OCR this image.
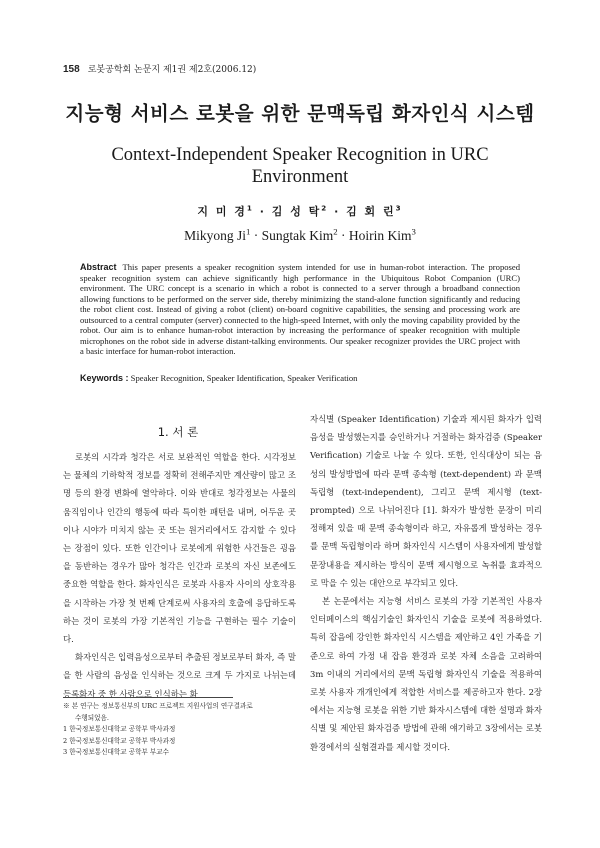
158 로봇공학회 논문지 제1권 제2호(2006.12)
지능형 서비스 로봇을 위한 문맥독립 화자인식 시스템
Context-Independent Speaker Recognition in URC Environment
지 미 경$^1$ · 김 성 탁$^2$ · 김 회 린$^3$
Mikyong $Ji^1$ · Sungtak Kim$^2$ · Hoirin Kim$^3$
Abstract This paper presents a speaker recognition system intended for use in human-robot interaction. The proposed speaker recognition system can achieve significantly high performance in the Ubiquitous Robot Companion (URC) environment. The URC concept is a scenario in which a robot is connected to a server through a broadband connection allowing functions to be performed on the server side, thereby minimizing the stand-alone function significantly and reducing the robot client cost. Instead of giving a robot (client) on-board cognitive capabilities, the sensing and processing work are outsourced to a central computer (server) connected to the high-speed Internet, with only the moving capability provided by the robot. Our aim is to enhance human-robot interaction by increasing the performance of speaker recognition with multiple microphones on the robot side in adverse distant-talking environments. Our speaker recognizer provides the URC project with a basic interface for human-robot interaction.
Keywords : Speaker Recognition, Speaker Identification, Speaker Verification
1. 서 론

로봇의 시각과 청각은 서로 보완적인 역할을 한다. 시각정보는 물체의 기하학적 정보를 정확히 전해주지만 계산량이 많고 조명 등의 환경 변화에 열악하다. 이와 반대로 청각정보는 사물의 움직임이나 인간의 행동에 따라 특이한 패턴을 내며, 어두운 곳이나 시야가 미치지 않는 곳 또는 원거리에서도 감지할 수 있다는 장점이 있다. 또한 인간이나 로봇에게 위험한 사건들은 굉음을 동반하는 경우가 많아 청각은 인간과 로봇의 자신 보존에도 중요한 역할을 한다. 화자인식은 로봇과 사용자 사이의 상호작용을 시작하는 가장 첫 번째 단계로써 사용자의 호출에 응답하도록 하는 것이 로봇의 가장 기본적인 기능을 구현하는 필수 기술이다.

화자인식은 입력음성으로부터 추출된 정보로부터 화자, 즉 말을 한 사람의 음성을 인식하는 것으로 크게 두 가지로 나뉘는데 등록화자 중 한 사람으로 인식하는 화

※ 본 연구는 정보통신부의 URC 프로젝트 지원사업의 연구결과로
수행되었음.
1 한국정보통신대학교 공학부 박사과정
2 한국정보통신대학교 공학부 박사과정
3 한국정보통신대학교 공학부 부교수

자식별 (Speaker Identification) 기술과 제시된 화자가 입력음성을 발성했는지를 승인하거나 거절하는 화자검증 (Speaker Verification) 기술로 나눌 수 있다. 또한, 인식대상이 되는 음성의 발성방법에 따라 문맥 종속형 (text-dependent) 과 문맥 독립형 (text-independent), 그리고 문맥 제시형 (text-prompted) 으로 나뉘어진다 [1]. 화자가 발성한 문장이 미리 정해져 있을 때 문맥 종속형이라 하고, 자유롭게 발성하는 경우를 문맥 독립형이라 하며 화자인식 시스템이 사용자에게 발성할 문장내용을 제시하는 방식이 문맥 제시형으로 녹취를 효과적으로 막을 수 있는 대안으로 부각되고 있다.

본 논문에서는 지능형 서비스 로봇의 가장 기본적인 사용자 인터페이스의 핵심기술인 화자인식 기술을 로봇에 적용하였다. 특히 잡음에 강인한 화자인식 시스템을 제안하고 4인 가족을 기준으로 하여 가정 내 잡음 환경과 로봇 자체 소음을 고려하여 3m 이내의 거리에서의 문맥 독립형 화자인식 기술을 적용하여 로봇 사용자 개개인에게 적합한 서비스를 제공하고자 한다. 2장에서는 지능형 로봇을 위한 기반 화자시스템에 대한 설명과 화자식별 및 제안된 화자검증 방법에 관해 얘기하고 3장에서는 로봇 환경에서의 실험결과를 제시할 것이다.
